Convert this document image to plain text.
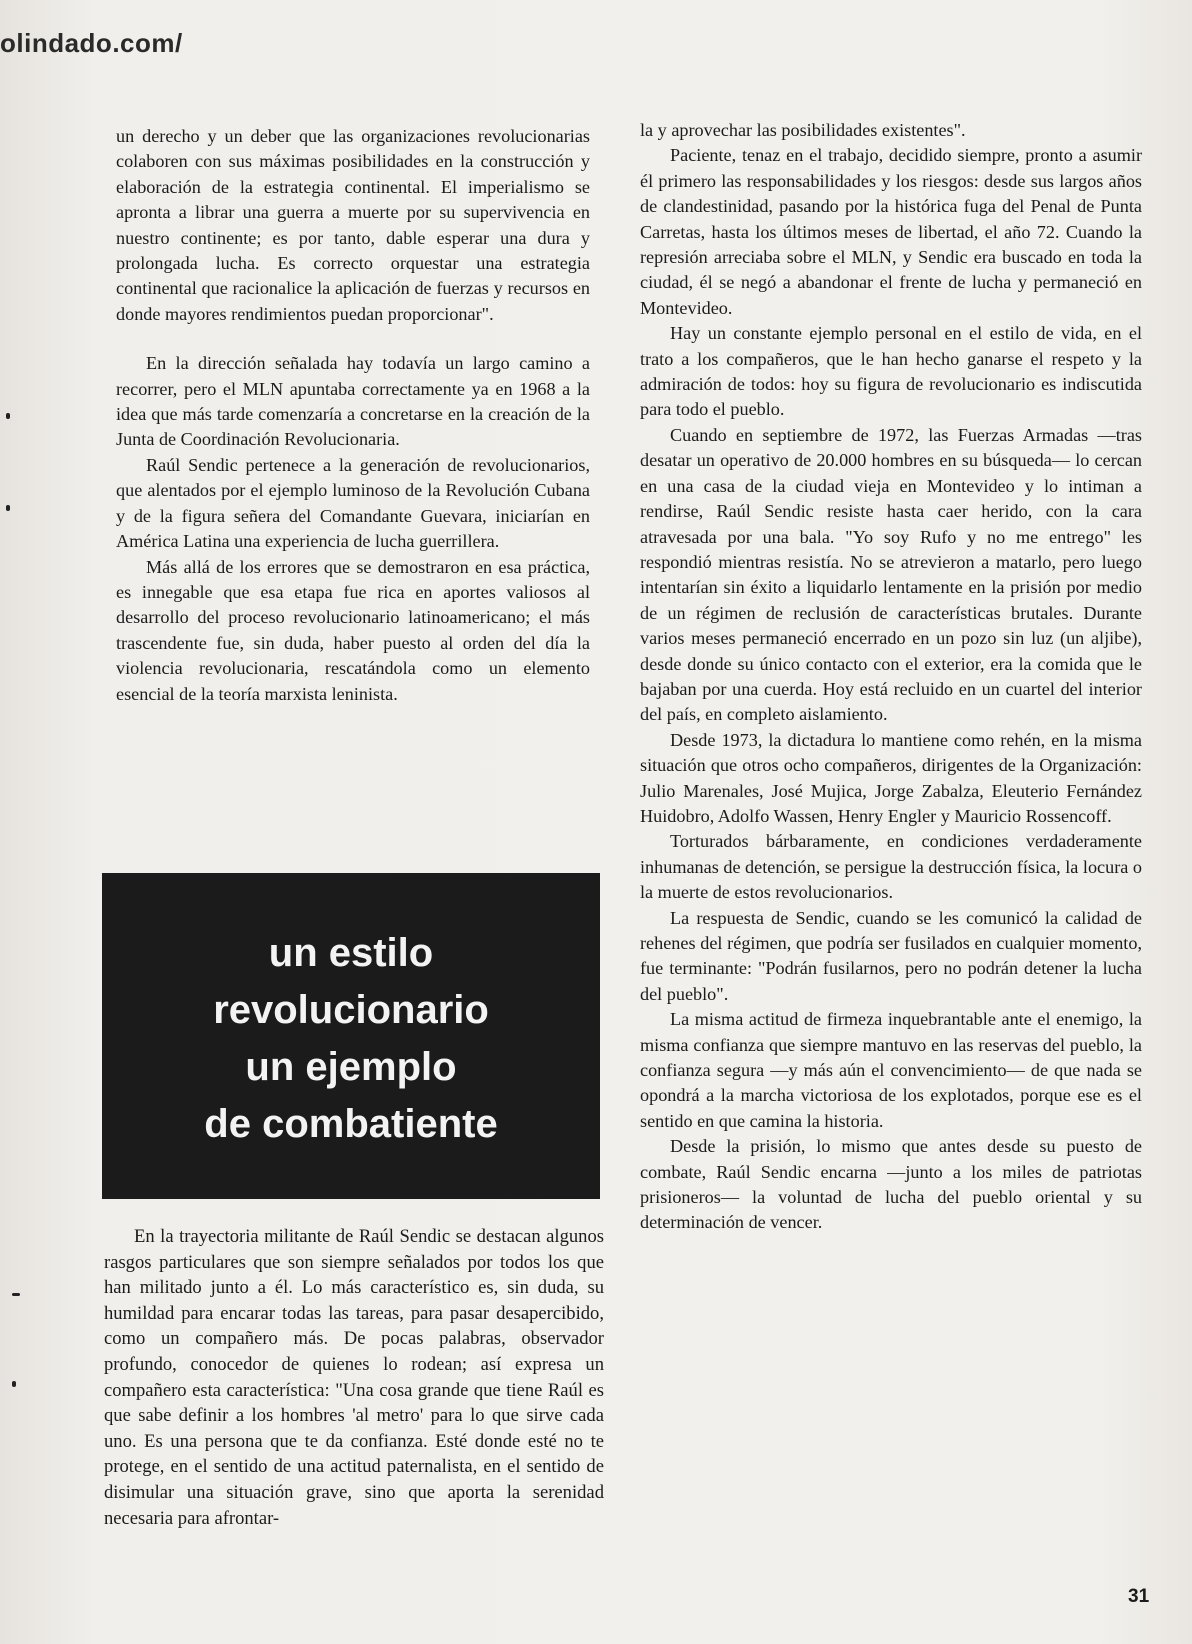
olindado.com/

un derecho y un deber que las organizaciones revolucionarias colaboren con sus máximas posibilidades en la construcción y elaboración de la estrategia continental. El imperialismo se apronta a librar una guerra a muerte por su supervivencia en nuestro continente; es por tanto, dable esperar una dura y prolongada lucha. Es correcto orquestar una estrategia continental que racionalice la aplicación de fuerzas y recursos en donde mayores rendimientos puedan proporcionar".

En la dirección señalada hay todavía un largo camino a recorrer, pero el MLN apuntaba correctamente ya en 1968 a la idea que más tarde comenzaría a concretarse en la creación de la Junta de Coordinación Revolucionaria.

Raúl Sendic pertenece a la generación de revolucionarios, que alentados por el ejemplo luminoso de la Revolución Cubana y de la figura señera del Comandante Guevara, iniciarían en América Latina una experiencia de lucha guerrillera.

Más allá de los errores que se demostraron en esa práctica, es innegable que esa etapa fue rica en aportes valiosos al desarrollo del proceso revolucionario latinoamericano; el más trascendente fue, sin duda, haber puesto al orden del día la violencia revolucionaria, rescatándola como un elemento esencial de la teoría marxista leninista.

un estilo
revolucionario
un ejemplo
de combatiente

En la trayectoria militante de Raúl Sendic se destacan algunos rasgos particulares que son siempre señalados por todos los que han militado junto a él. Lo más característico es, sin duda, su humildad para encarar todas las tareas, para pasar desapercibido, como un compañero más. De pocas palabras, observador profundo, conocedor de quienes lo rodean; así expresa un compañero esta característica: "Una cosa grande que tiene Raúl es que sabe definir a los hombres 'al metro' para lo que sirve cada uno. Es una persona que te da confianza. Esté donde esté no te protege, en el sentido de una actitud paternalista, en el sentido de disimular una situación grave, sino que aporta la serenidad necesaria para afrontar-

la y aprovechar las posibilidades existentes".

Paciente, tenaz en el trabajo, decidido siempre, pronto a asumir él primero las responsabilidades y los riesgos: desde sus largos años de clandestinidad, pasando por la histórica fuga del Penal de Punta Carretas, hasta los últimos meses de libertad, el año 72. Cuando la represión arreciaba sobre el MLN, y Sendic era buscado en toda la ciudad, él se negó a abandonar el frente de lucha y permaneció en Montevideo.

Hay un constante ejemplo personal en el estilo de vida, en el trato a los compañeros, que le han hecho ganarse el respeto y la admiración de todos: hoy su figura de revolucionario es indiscutida para todo el pueblo.

Cuando en septiembre de 1972, las Fuerzas Armadas —tras desatar un operativo de 20.000 hombres en su búsqueda— lo cercan en una casa de la ciudad vieja en Montevideo y lo intiman a rendirse, Raúl Sendic resiste hasta caer herido, con la cara atravesada por una bala. "Yo soy Rufo y no me entrego" les respondió mientras resistía. No se atrevieron a matarlo, pero luego intentarían sin éxito a liquidarlo lentamente en la prisión por medio de un régimen de reclusión de características brutales. Durante varios meses permaneció encerrado en un pozo sin luz (un aljibe), desde donde su único contacto con el exterior, era la comida que le bajaban por una cuerda. Hoy está recluido en un cuartel del interior del país, en completo aislamiento.

Desde 1973, la dictadura lo mantiene como rehén, en la misma situación que otros ocho compañeros, dirigentes de la Organización: Julio Marenales, José Mujica, Jorge Zabalza, Eleuterio Fernández Huidobro, Adolfo Wassen, Henry Engler y Mauricio Rossencoff.

Torturados bárbaramente, en condiciones verdaderamente inhumanas de detención, se persigue la destrucción física, la locura o la muerte de estos revolucionarios.

La respuesta de Sendic, cuando se les comunicó la calidad de rehenes del régimen, que podría ser fusilados en cualquier momento, fue terminante: "Podrán fusilarnos, pero no podrán detener la lucha del pueblo".

La misma actitud de firmeza inquebrantable ante el enemigo, la misma confianza que siempre mantuvo en las reservas del pueblo, la confianza segura —y más aún el convencimiento— de que nada se opondrá a la marcha victoriosa de los explotados, porque ese es el sentido en que camina la historia.

Desde la prisión, lo mismo que antes desde su puesto de combate, Raúl Sendic encarna —junto a los miles de patriotas prisioneros— la voluntad de lucha del pueblo oriental y su determinación de vencer.

31
